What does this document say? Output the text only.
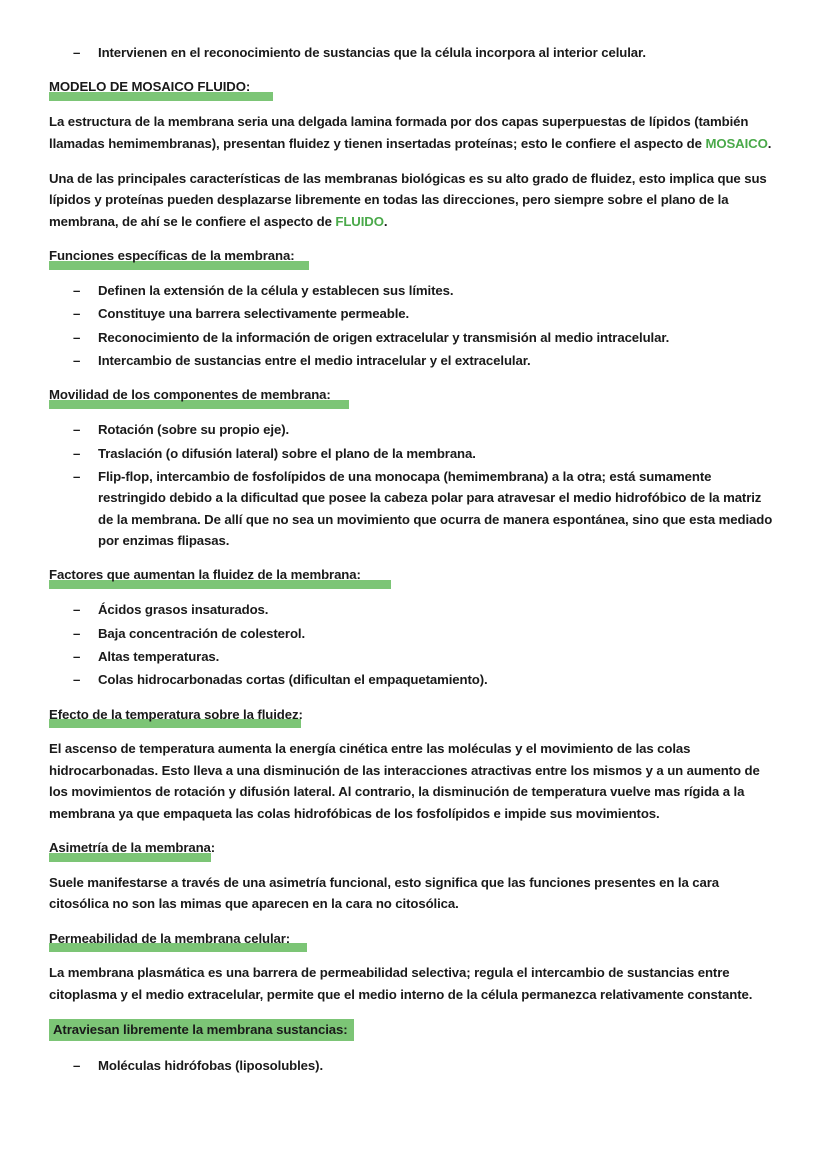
– Intervienen en el reconocimiento de sustancias que la célula incorpora al interior celular.
MODELO DE MOSAICO FLUIDO:

La estructura de la membrana seria una delgada lamina formada por dos capas superpuestas de lípidos (también llamadas hemimembranas), presentan fluidez y tienen insertadas proteínas; esto le confiere el aspecto de MOSAICO.

Una de las principales características de las membranas biológicas es su alto grado de fluidez, esto implica que sus lípidos y proteínas pueden desplazarse libremente en todas las direcciones, pero siempre sobre el plano de la membrana, de ahí se le confiere el aspecto de FLUIDO.

Funciones específicas de la membrana:
– Definen la extensión de la célula y establecen sus límites.
– Constituye una barrera selectivamente permeable.
– Reconocimiento de la información de origen extracelular y transmisión al medio intracelular.
– Intercambio de sustancias entre el medio intracelular y el extracelular.
Movilidad de los componentes de membrana:
– Rotación (sobre su propio eje).
– Traslación (o difusión lateral) sobre el plano de la membrana.
– Flip-flop, intercambio de fosfolípidos de una monocapa (hemimembrana) a la otra; está sumamente restringido debido a la dificultad que posee la cabeza polar para atravesar el medio hidrofóbico de la matriz de la membrana. De allí que no sea un movimiento que ocurra de manera espontánea, sino que esta mediado por enzimas flipasas.
Factores que aumentan la fluidez de la membrana:
– Ácidos grasos insaturados.
– Baja concentración de colesterol.
– Altas temperaturas.
– Colas hidrocarbonadas cortas (dificultan el empaquetamiento).
Efecto de la temperatura sobre la fluidez:

El ascenso de temperatura aumenta la energía cinética entre las moléculas y el movimiento de las colas hidrocarbonadas. Esto lleva a una disminución de las interacciones atractivas entre los mismos y a un aumento de los movimientos de rotación y difusión lateral. Al contrario, la disminución de temperatura vuelve mas rígida a la membrana ya que empaqueta las colas hidrofóbicas de los fosfolípidos e impide sus movimientos.

Asimetría de la membrana:

Suele manifestarse a través de una asimetría funcional, esto significa que las funciones presentes en la cara citosólica no son las mimas que aparecen en la cara no citosólica.

Permeabilidad de la membrana celular:

La membrana plasmática es una barrera de permeabilidad selectiva; regula el intercambio de sustancias entre citoplasma y el medio extracelular, permite que el medio interno de la célula permanezca relativamente constante.

Atraviesan libremente la membrana sustancias:
– Moléculas hidrófobas (liposolubles).
